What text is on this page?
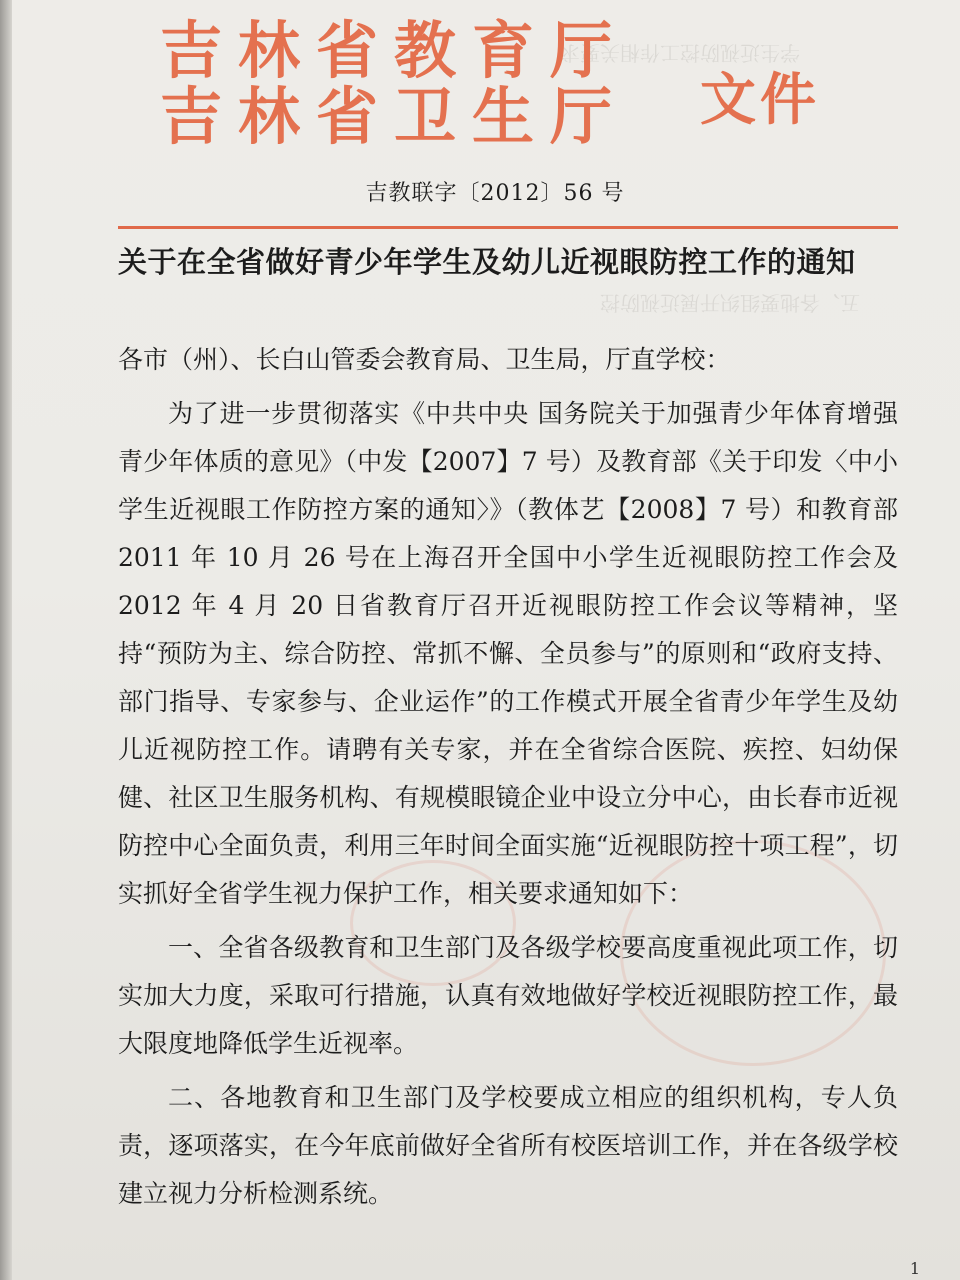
学生近视防控工作相关要求
五、各地要组织开展近视防控
吉林省教育厅
吉林省卫生厅 文件
吉教联字〔2012〕56 号
关于在全省做好青少年学生及幼儿近视眼防控工作的通知

各市（州）、长白山管委会教育局、卫生局，厅直学校：

为了进一步贯彻落实《中共中央 国务院关于加强青少年体育增强青少年体质的意见》（中发【2007】7 号）及教育部《关于印发〈中小学生近视眼工作防控方案的通知〉》（教体艺【2008】7 号）和教育部2011 年 10 月 26 号在上海召开全国中小学生近视眼防控工作会及 2012 年 4 月 20 日省教育厅召开近视眼防控工作会议等精神，坚持“预防为主、综合防控、常抓不懈、全员参与”的原则和“政府支持、部门指导、专家参与、企业运作”的工作模式开展全省青少年学生及幼儿近视防控工作。请聘有关专家，并在全省综合医院、疾控、妇幼保健、社区卫生服务机构、有规模眼镜企业中设立分中心，由长春市近视防控中心全面负责，利用三年时间全面实施“近视眼防控十项工程”，切实抓好全省学生视力保护工作，相关要求通知如下：

一、全省各级教育和卫生部门及各级学校要高度重视此项工作，切实加大力度，采取可行措施，认真有效地做好学校近视眼防控工作，最大限度地降低学生近视率。

二、各地教育和卫生部门及学校要成立相应的组织机构，专人负责，逐项落实，在今年底前做好全省所有校医培训工作，并在各级学校建立视力分析检测系统。

1
